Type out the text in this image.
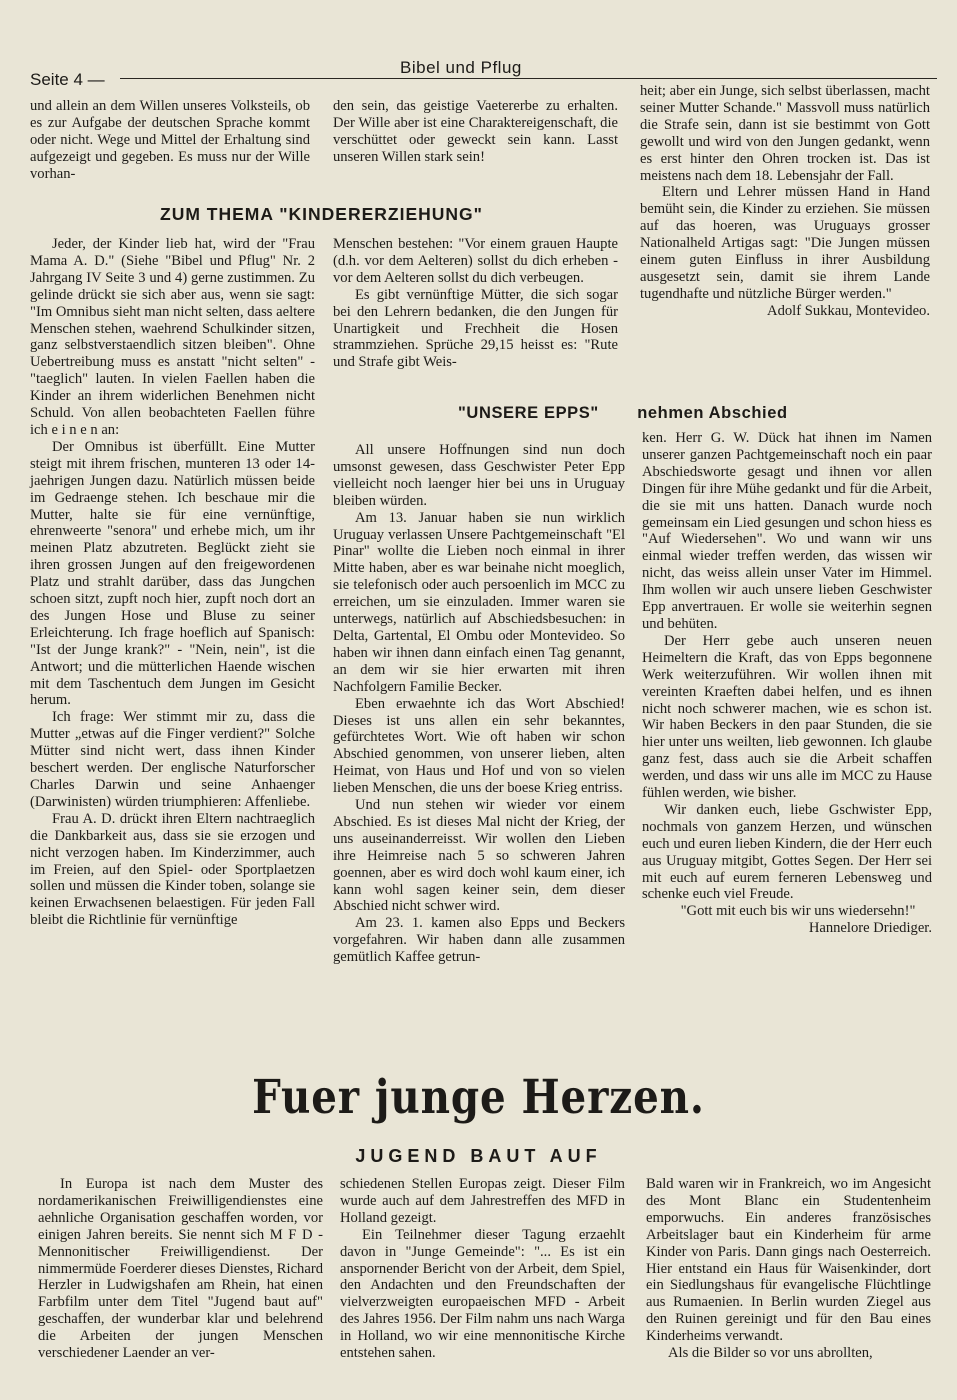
Seite 4 —
Bibel und Pflug

und allein an dem Willen unseres Volksteils, ob es zur Aufgabe der deutschen Sprache kommt oder nicht. Wege und Mittel der Erhaltung sind aufgezeigt und gegeben. Es muss nur der Wille vorhan-

den sein, das geistige Vaetererbe zu erhalten. Der Wille aber ist eine Charaktereigenschaft, die verschüttet oder geweckt sein kann. Lasst unseren Willen stark sein!

heit; aber ein Junge, sich selbst überlassen, macht seiner Mutter Schande." Massvoll muss natürlich die Strafe sein, dann ist sie bestimmt von Gott gewollt und wird von den Jungen gedankt, wenn es erst hinter den Ohren trocken ist. Das ist meistens nach dem 18. Lebensjahr der Fall.

Eltern und Lehrer müssen Hand in Hand bemüht sein, die Kinder zu erziehen. Sie müssen auf das hoeren, was Uruguays grosser Nationalheld Artigas sagt: "Die Jungen müssen einem guten Einfluss in ihrer Ausbildung ausgesetzt sein, damit sie ihrem Lande tugendhafte und nützliche Bürger werden."

Adolf Sukkau, Montevideo.

ZUM THEMA "KINDERERZIEHUNG"

Jeder, der Kinder lieb hat, wird der "Frau Mama A. D." (Siehe "Bibel und Pflug" Nr. 2 Jahrgang IV Seite 3 und 4) gerne zustimmen. Zu gelinde drückt sie sich aber aus, wenn sie sagt: "Im Omnibus sieht man nicht selten, dass aeltere Menschen stehen, waehrend Schulkinder sitzen, ganz selbstverstaendlich sitzen bleiben". Ohne Uebertreibung muss es anstatt "nicht selten" - "taeglich" lauten. In vielen Faellen haben die Kinder an ihrem widerlichen Benehmen nicht Schuld. Von allen beobachteten Faellen führe ich e i n e n an:

Der Omnibus ist überfüllt. Eine Mutter steigt mit ihrem frischen, munteren 13 oder 14-jaehrigen Jungen dazu. Natürlich müssen beide im Gedraenge stehen. Ich beschaue mir die Mutter, halte sie für eine vernünftige, ehrenweerte "senora" und erhebe mich, um ihr meinen Platz abzutreten. Beglückt zieht sie ihren grossen Jungen auf den freigewordenen Platz und strahlt darüber, dass das Jungchen schoen sitzt, zupft noch hier, zupft noch dort an des Jungen Hose und Bluse zu seiner Erleichterung. Ich frage hoeflich auf Spanisch: "Ist der Junge krank?" - "Nein, nein", ist die Antwort; und die mütterlichen Haende wischen mit dem Taschentuch dem Jungen im Gesicht herum.

Ich frage: Wer stimmt mir zu, dass die Mutter „etwas auf die Finger verdient?" Solche Mütter sind nicht wert, dass ihnen Kinder beschert werden. Der englische Naturforscher Charles Darwin und seine Anhaenger (Darwinisten) würden triumphieren: Affenliebe.

Frau A. D. drückt ihren Eltern nachtraeglich die Dankbarkeit aus, dass sie sie erzogen und nicht verzogen haben. Im Kinderzimmer, auch im Freien, auf den Spiel- oder Sportplaetzen sollen und müssen die Kinder toben, solange sie keinen Erwachsenen belaestigen. Für jeden Fall bleibt die Richtlinie für vernünftige

Menschen bestehen: "Vor einem grauen Haupte (d.h. vor dem Aelteren) sollst du dich erheben - vor dem Aelteren sollst du dich verbeugen.

Es gibt vernünftige Mütter, die sich sogar bei den Lehrern bedanken, die den Jungen für Unartigkeit und Frechheit die Hosen strammziehen. Sprüche 29,15 heisst es: "Rute und Strafe gibt Weis-

"UNSERE EPPS" nehmen Abschied

All unsere Hoffnungen sind nun doch umsonst gewesen, dass Geschwister Peter Epp vielleicht noch laenger hier bei uns in Uruguay bleiben würden.

Am 13. Januar haben sie nun wirklich Uruguay verlassen Unsere Pachtgemeinschaft "El Pinar" wollte die Lieben noch einmal in ihrer Mitte haben, aber es war beinahe nicht moeglich, sie telefonisch oder auch persoenlich im MCC zu erreichen, um sie einzuladen. Immer waren sie unterwegs, natürlich auf Abschiedsbesuchen: in Delta, Gartental, El Ombu oder Montevideo. So haben wir ihnen dann einfach einen Tag genannt, an dem wir sie hier erwarten mit ihren Nachfolgern Familie Becker.

Eben erwaehnte ich das Wort Abschied! Dieses ist uns allen ein sehr bekanntes, gefürchtetes Wort. Wie oft haben wir schon Abschied genommen, von unserer lieben, alten Heimat, von Haus und Hof und von so vielen lieben Menschen, die uns der boese Krieg entriss.

Und nun stehen wir wieder vor einem Abschied. Es ist dieses Mal nicht der Krieg, der uns auseinanderreisst. Wir wollen den Lieben ihre Heimreise nach 5 so schweren Jahren goennen, aber es wird doch wohl kaum einer, ich kann wohl sagen keiner sein, dem dieser Abschied nicht schwer wird.

Am 23. 1. kamen also Epps und Beckers vorgefahren. Wir haben dann alle zusammen gemütlich Kaffee getrun-

ken. Herr G. W. Dück hat ihnen im Namen unserer ganzen Pachtgemeinschaft noch ein paar Abschiedsworte gesagt und ihnen vor allen Dingen für ihre Mühe gedankt und für die Arbeit, die sie mit uns hatten. Danach wurde noch gemeinsam ein Lied gesungen und schon hiess es "Auf Wiedersehen". Wo und wann wir uns einmal wieder treffen werden, das wissen wir nicht, das weiss allein unser Vater im Himmel. Ihm wollen wir auch unsere lieben Geschwister Epp anvertrauen. Er wolle sie weiterhin segnen und behüten.

Der Herr gebe auch unseren neuen Heimeltern die Kraft, das von Epps begonnene Werk weiterzuführen. Wir wollen ihnen mit vereinten Kraeften dabei helfen, und es ihnen nicht noch schwerer machen, wie es schon ist. Wir haben Beckers in den paar Stunden, die sie hier unter uns weilten, lieb gewonnen. Ich glaube ganz fest, dass auch sie die Arbeit schaffen werden, und dass wir uns alle im MCC zu Hause fühlen werden, wie bisher.

Wir danken euch, liebe Gschwister Epp, nochmals von ganzem Herzen, und wünschen euch und euren lieben Kindern, die der Herr euch aus Uruguay mitgibt, Gottes Segen. Der Herr sei mit euch auf eurem ferneren Lebensweg und schenke euch viel Freude.

"Gott mit euch bis wir uns wiedersehn!"

Hannelore Driediger.

Fuer junge Herzen.
JUGEND BAUT AUF

In Europa ist nach dem Muster des nordamerikanischen Freiwilligendienstes eine aehnliche Organisation geschaffen worden, vor einigen Jahren bereits. Sie nennt sich M F D - Mennonitischer Freiwilligendienst. Der nimmermüde Foerderer dieses Dienstes, Richard Herzler in Ludwigshafen am Rhein, hat einen Farbfilm unter dem Titel "Jugend baut auf" geschaffen, der wunderbar klar und belehrend die Arbeiten der jungen Menschen verschiedener Laender an ver-

schiedenen Stellen Europas zeigt. Dieser Film wurde auch auf dem Jahrestreffen des MFD in Holland gezeigt.

Ein Teilnehmer dieser Tagung erzaehlt davon in "Junge Gemeinde": "... Es ist ein anspornender Bericht von der Arbeit, dem Spiel, den Andachten und den Freundschaften der vielverzweigten europaeischen MFD - Arbeit des Jahres 1956. Der Film nahm uns nach Warga in Holland, wo wir eine mennonitische Kirche entstehen sahen.

Bald waren wir in Frankreich, wo im Angesicht des Mont Blanc ein Studentenheim emporwuchs. Ein anderes französisches Arbeitslager baut ein Kinderheim für arme Kinder von Paris. Dann gings nach Oesterreich. Hier entstand ein Haus für Waisenkinder, dort ein Siedlungshaus für evangelische Flüchtlinge aus Rumaenien. In Berlin wurden Ziegel aus den Ruinen gereinigt und für den Bau eines Kinderheims verwandt.

Als die Bilder so vor uns abrollten,
